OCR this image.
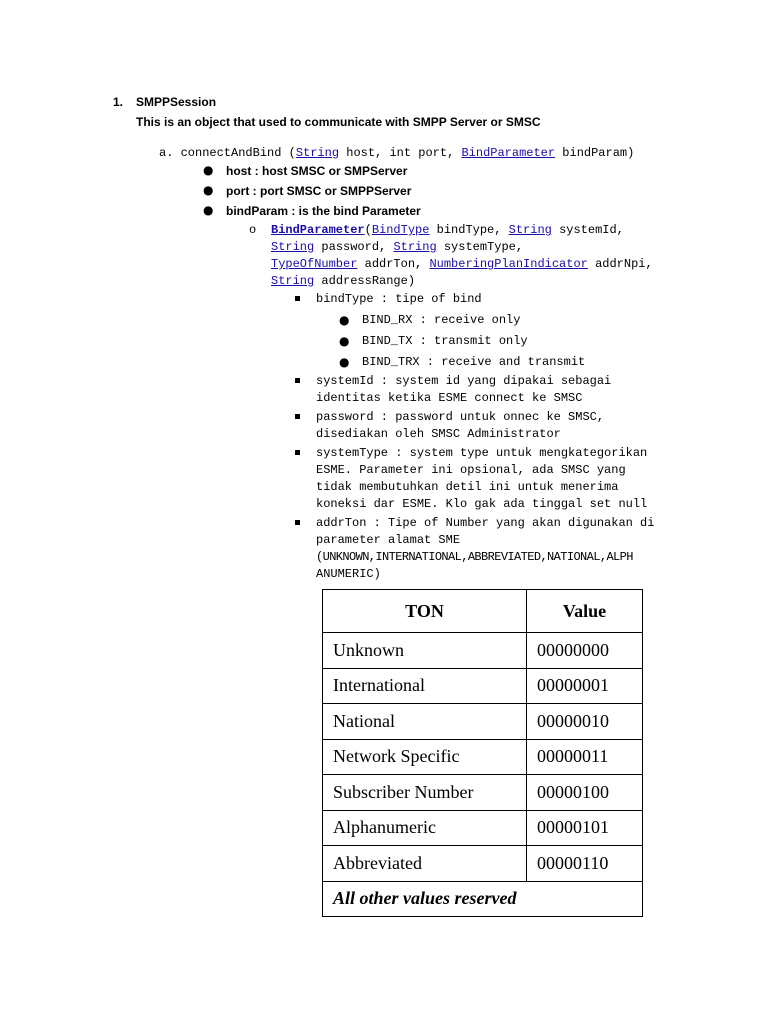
1. SMPPSession
This is an object that used to communicate with SMPP Server or SMSC
a. connectAndBind (String host, int port, BindParameter bindParam)
● host : host SMSC or SMPServer
● port : port SMSC or SMPPServer
● bindParam : is the bind Parameter
o BindParameter(BindType bindType, String systemId,
String password, String systemType,
TypeOfNumber addrTon, NumberingPlanIndicator addrNpi,
String addressRange)
bindType : tipe of bind
● BIND_RX : receive only
● BIND_TX : transmit only
● BIND_TRX : receive and transmit
systemId : system id yang dipakai sebagai
identitas ketika ESME connect ke SMSC
password : password untuk onnec ke SMSC,
disediakan oleh SMSC Administrator
systemType : system type untuk mengkategorikan
ESME. Parameter ini opsional, ada SMSC yang
tidak membutuhkan detil ini untuk menerima
koneksi dar ESME. Klo gak ada tinggal set null
addrTon : Tipe of Number yang akan digunakan di
parameter alamat SME
(UNKNOWN,INTERNATIONAL,ABBREVIATED,NATIONAL,ALPH
ANUMERIC)
TON	Value
Unknown	00000000
International	00000001
National	00000010
Network Specific	00000011
Subscriber Number	00000100
Alphanumeric	00000101
Abbreviated	00000110
All other values reserved	
